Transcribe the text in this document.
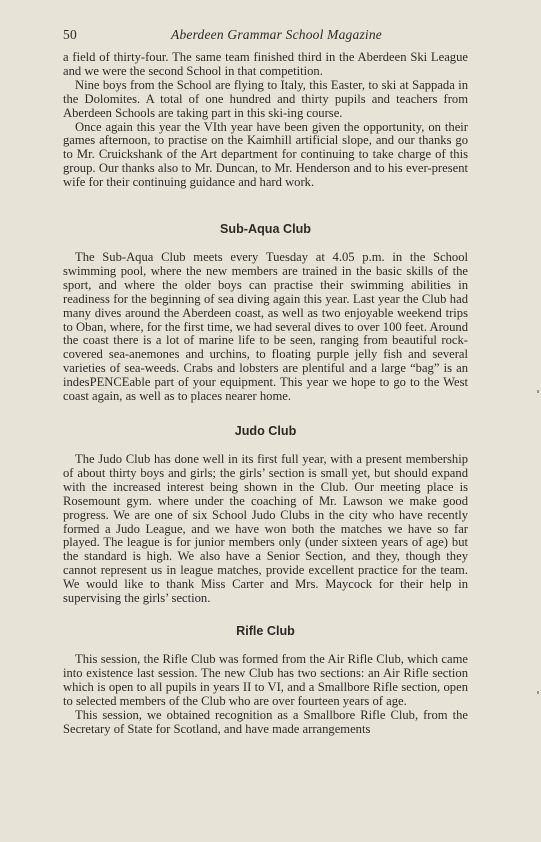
50	Aberdeen Grammar School Magazine

a field of thirty-four. The same team finished third in the Aberdeen Ski League and we were the second School in that competition.

Nine boys from the School are flying to Italy, this Easter, to ski at Sappada in the Dolomites. A total of one hundred and thirty pupils and teachers from Aberdeen Schools are taking part in this ski-ing course.

Once again this year the VIth year have been given the opportunity, on their games afternoon, to practise on the Kaimhill artificial slope, and our thanks go to Mr. Cruickshank of the Art department for continuing to take charge of this group. Our thanks also to Mr. Duncan, to Mr. Henderson and to his ever-present wife for their continuing guidance and hard work.

Sub-Aqua Club

The Sub-Aqua Club meets every Tuesday at 4.05 p.m. in the School swimming pool, where the new members are trained in the basic skills of the sport, and where the older boys can practise their swimming abilities in readiness for the beginning of sea diving again this year. Last year the Club had many dives around the Aberdeen coast, as well as two enjoyable weekend trips to Oban, where, for the first time, we had several dives to over 100 feet. Around the coast there is a lot of marine life to be seen, ranging from beautiful rock-covered sea-anemones and urchins, to floating purple jelly fish and several varieties of sea-weeds. Crabs and lobsters are plentiful and a large “bag” is an indesPENCEable part of your equipment. This year we hope to go to the West coast again, as well as to places nearer home.

Judo Club

The Judo Club has done well in its first full year, with a present membership of about thirty boys and girls; the girls’ section is small yet, but should expand with the increased interest being shown in the Club. Our meeting place is Rosemount gym. where under the coaching of Mr. Lawson we make good progress. We are one of six School Judo Clubs in the city who have recently formed a Judo League, and we have won both the matches we have so far played. The league is for junior members only (under sixteen years of age) but the standard is high. We also have a Senior Section, and they, though they cannot represent us in league matches, provide excellent practice for the team. We would like to thank Miss Carter and Mrs. Maycock for their help in supervising the girls’ section.

Rifle Club

This session, the Rifle Club was formed from the Air Rifle Club, which came into existence last session. The new Club has two sections: an Air Rifle section which is open to all pupils in years II to VI, and a Smallbore Rifle section, open to selected members of the Club who are over fourteen years of age.

This session, we obtained recognition as a Smallbore Rifle Club, from the Secretary of State for Scotland, and have made arrangements
